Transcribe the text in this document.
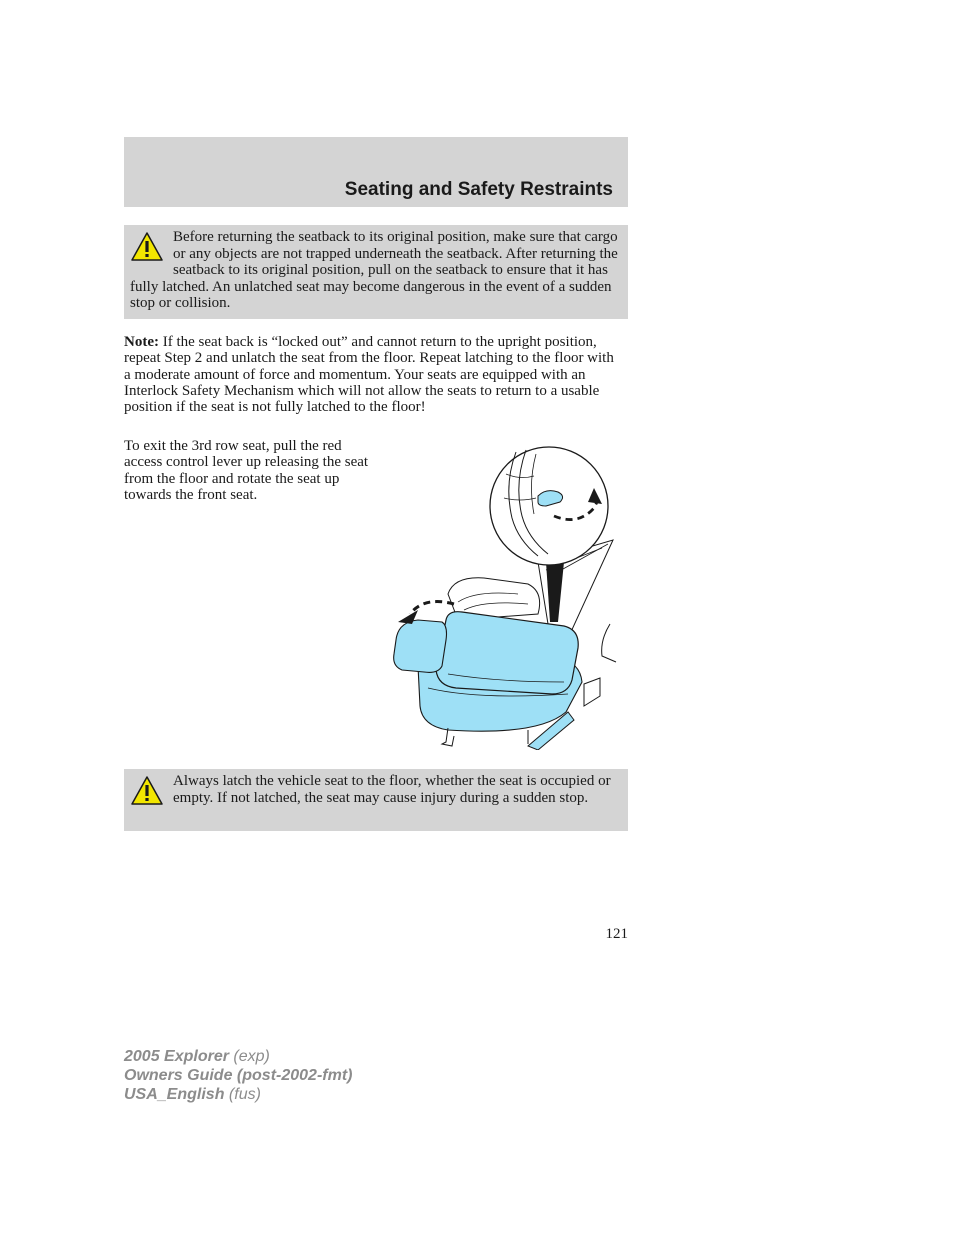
Seating and Safety Restraints

Before returning the seatback to its original position, make sure that cargo or any objects are not trapped underneath the seatback. After returning the seatback to its original position, pull on the seatback to ensure that it has fully latched. An unlatched seat may become dangerous in the event of a sudden stop or collision.

Note: If the seat back is “locked out” and cannot return to the upright position, repeat Step 2 and unlatch the seat from the floor. Repeat latching to the floor with a moderate amount of force and momentum. Your seats are equipped with an Interlock Safety Mechanism which will not allow the seats to return to a usable position if the seat is not fully latched to the floor!

To exit the 3rd row seat, pull the red access control lever up releasing the seat from the floor and rotate the seat up towards the front seat.

Always latch the vehicle seat to the floor, whether the seat is occupied or empty. If not latched, the seat may cause injury during a sudden stop.

121
2005 Explorer (exp)
Owners Guide (post-2002-fmt)
USA_English (fus)
